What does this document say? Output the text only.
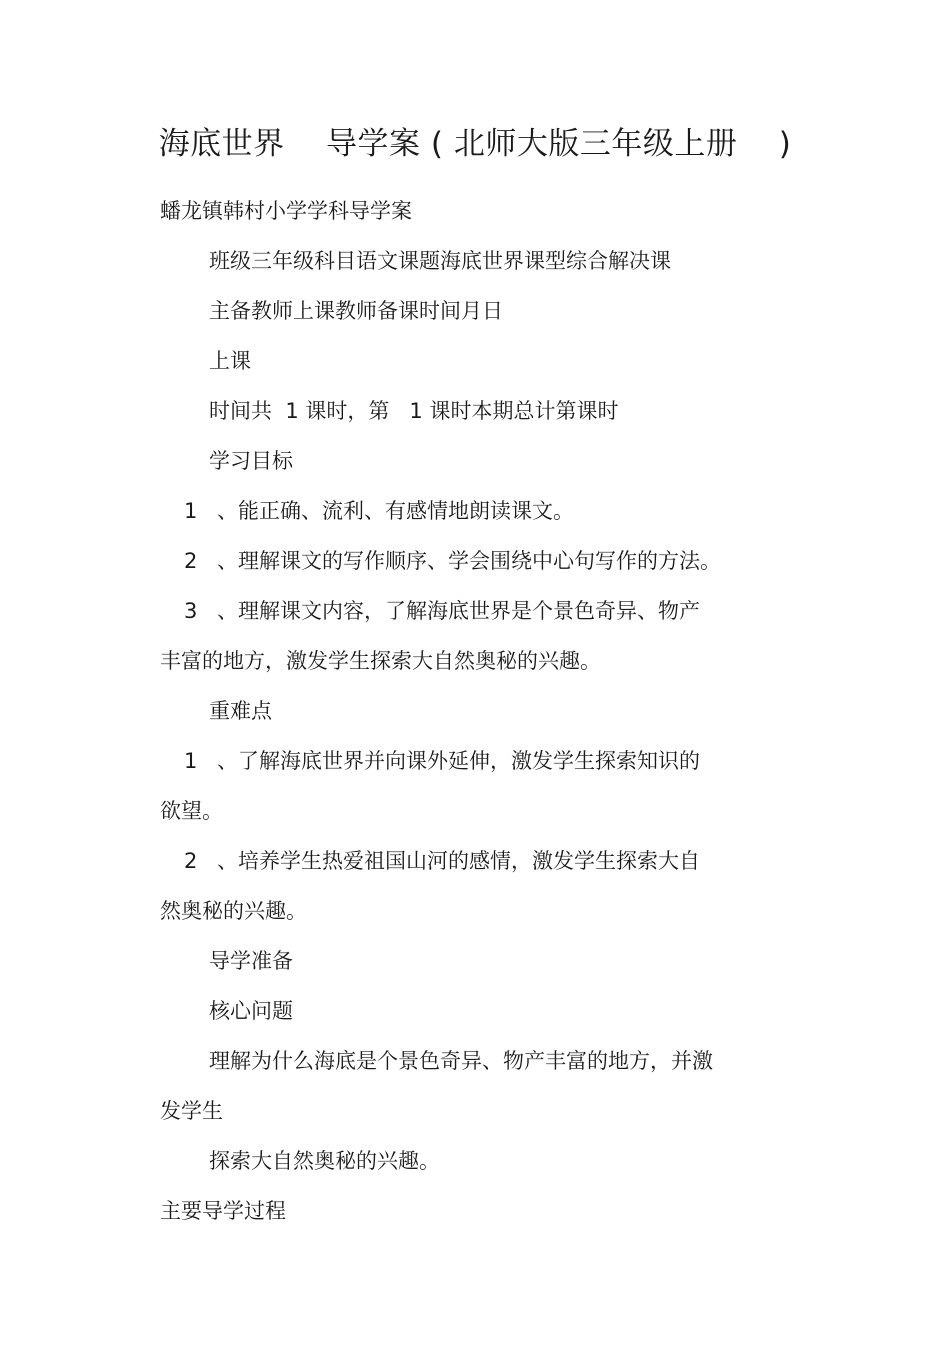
海底世界    导学案 ( 北师大版三年级上册    )
蟠龙镇韩村小学学科导学案
班级三年级科目语文课题海底世界课型综合解决课
主备教师上课教师备课时间月日
上课
时间共  1 课时，第   1 课时本期总计第课时
学习目标
1 、能正确、流利、有感情地朗读课文。
2 、理解课文的写作顺序、学会围绕中心句写作的方法。
3 、理解课文内容，了解海底世界是个景色奇异、物产
丰富的地方，激发学生探索大自然奥秘的兴趣。
重难点
1 、了解海底世界并向课外延伸，激发学生探索知识的
欲望。
2 、培养学生热爱祖国山河的感情，激发学生探索大自
然奥秘的兴趣。
导学准备
核心问题
理解为什么海底是个景色奇异、物产丰富的地方，并激
发学生
探索大自然奥秘的兴趣。
主要导学过程
